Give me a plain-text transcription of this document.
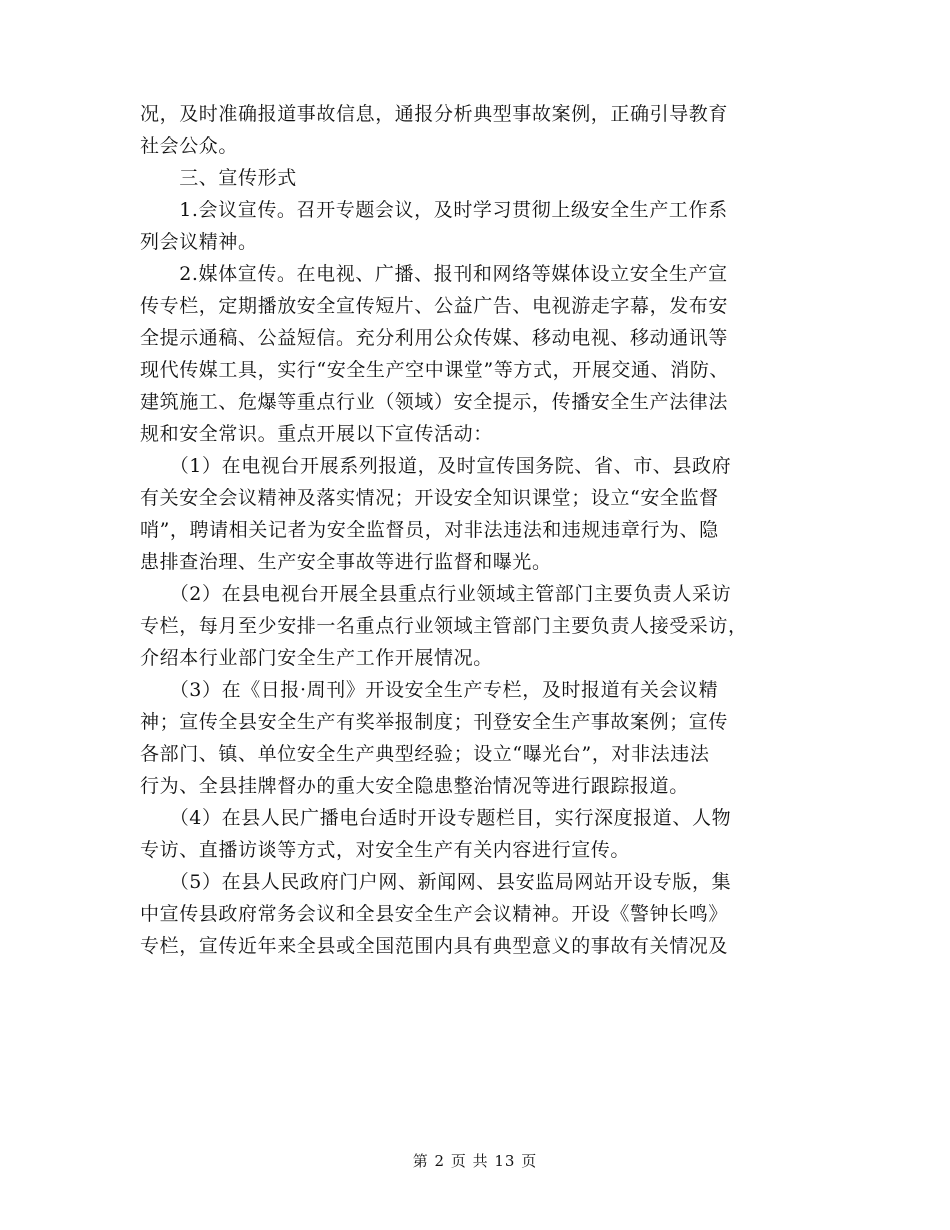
况，及时准确报道事故信息，通报分析典型事故案例，正确引导教育
社会公众。
　　三、宣传形式
　　1.会议宣传。召开专题会议，及时学习贯彻上级安全生产工作系
列会议精神。
　　2.媒体宣传。在电视、广播、报刊和网络等媒体设立安全生产宣
传专栏，定期播放安全宣传短片、公益广告、电视游走字幕，发布安
全提示通稿、公益短信。充分利用公众传媒、移动电视、移动通讯等
现代传媒工具，实行“安全生产空中课堂”等方式，开展交通、消防、
建筑施工、危爆等重点行业（领域）安全提示，传播安全生产法律法
规和安全常识。重点开展以下宣传活动：
　　（1）在电视台开展系列报道，及时宣传国务院、省、市、县政府
有关安全会议精神及落实情况；开设安全知识课堂；设立“安全监督
哨”，聘请相关记者为安全监督员，对非法违法和违规违章行为、隐
患排查治理、生产安全事故等进行监督和曝光。
　　（2）在县电视台开展全县重点行业领域主管部门主要负责人采访
专栏，每月至少安排一名重点行业领域主管部门主要负责人接受采访，
介绍本行业部门安全生产工作开展情况。
　　（3）在《日报·周刊》开设安全生产专栏，及时报道有关会议精
神；宣传全县安全生产有奖举报制度；刊登安全生产事故案例；宣传
各部门、镇、单位安全生产典型经验；设立“曝光台”，对非法违法
行为、全县挂牌督办的重大安全隐患整治情况等进行跟踪报道。
　　（4）在县人民广播电台适时开设专题栏目，实行深度报道、人物
专访、直播访谈等方式，对安全生产有关内容进行宣传。
　　（5）在县人民政府门户网、新闻网、县安监局网站开设专版，集
中宣传县政府常务会议和全县安全生产会议精神。开设《警钟长鸣》
专栏，宣传近年来全县或全国范围内具有典型意义的事故有关情况及
第 2 页 共 13 页
